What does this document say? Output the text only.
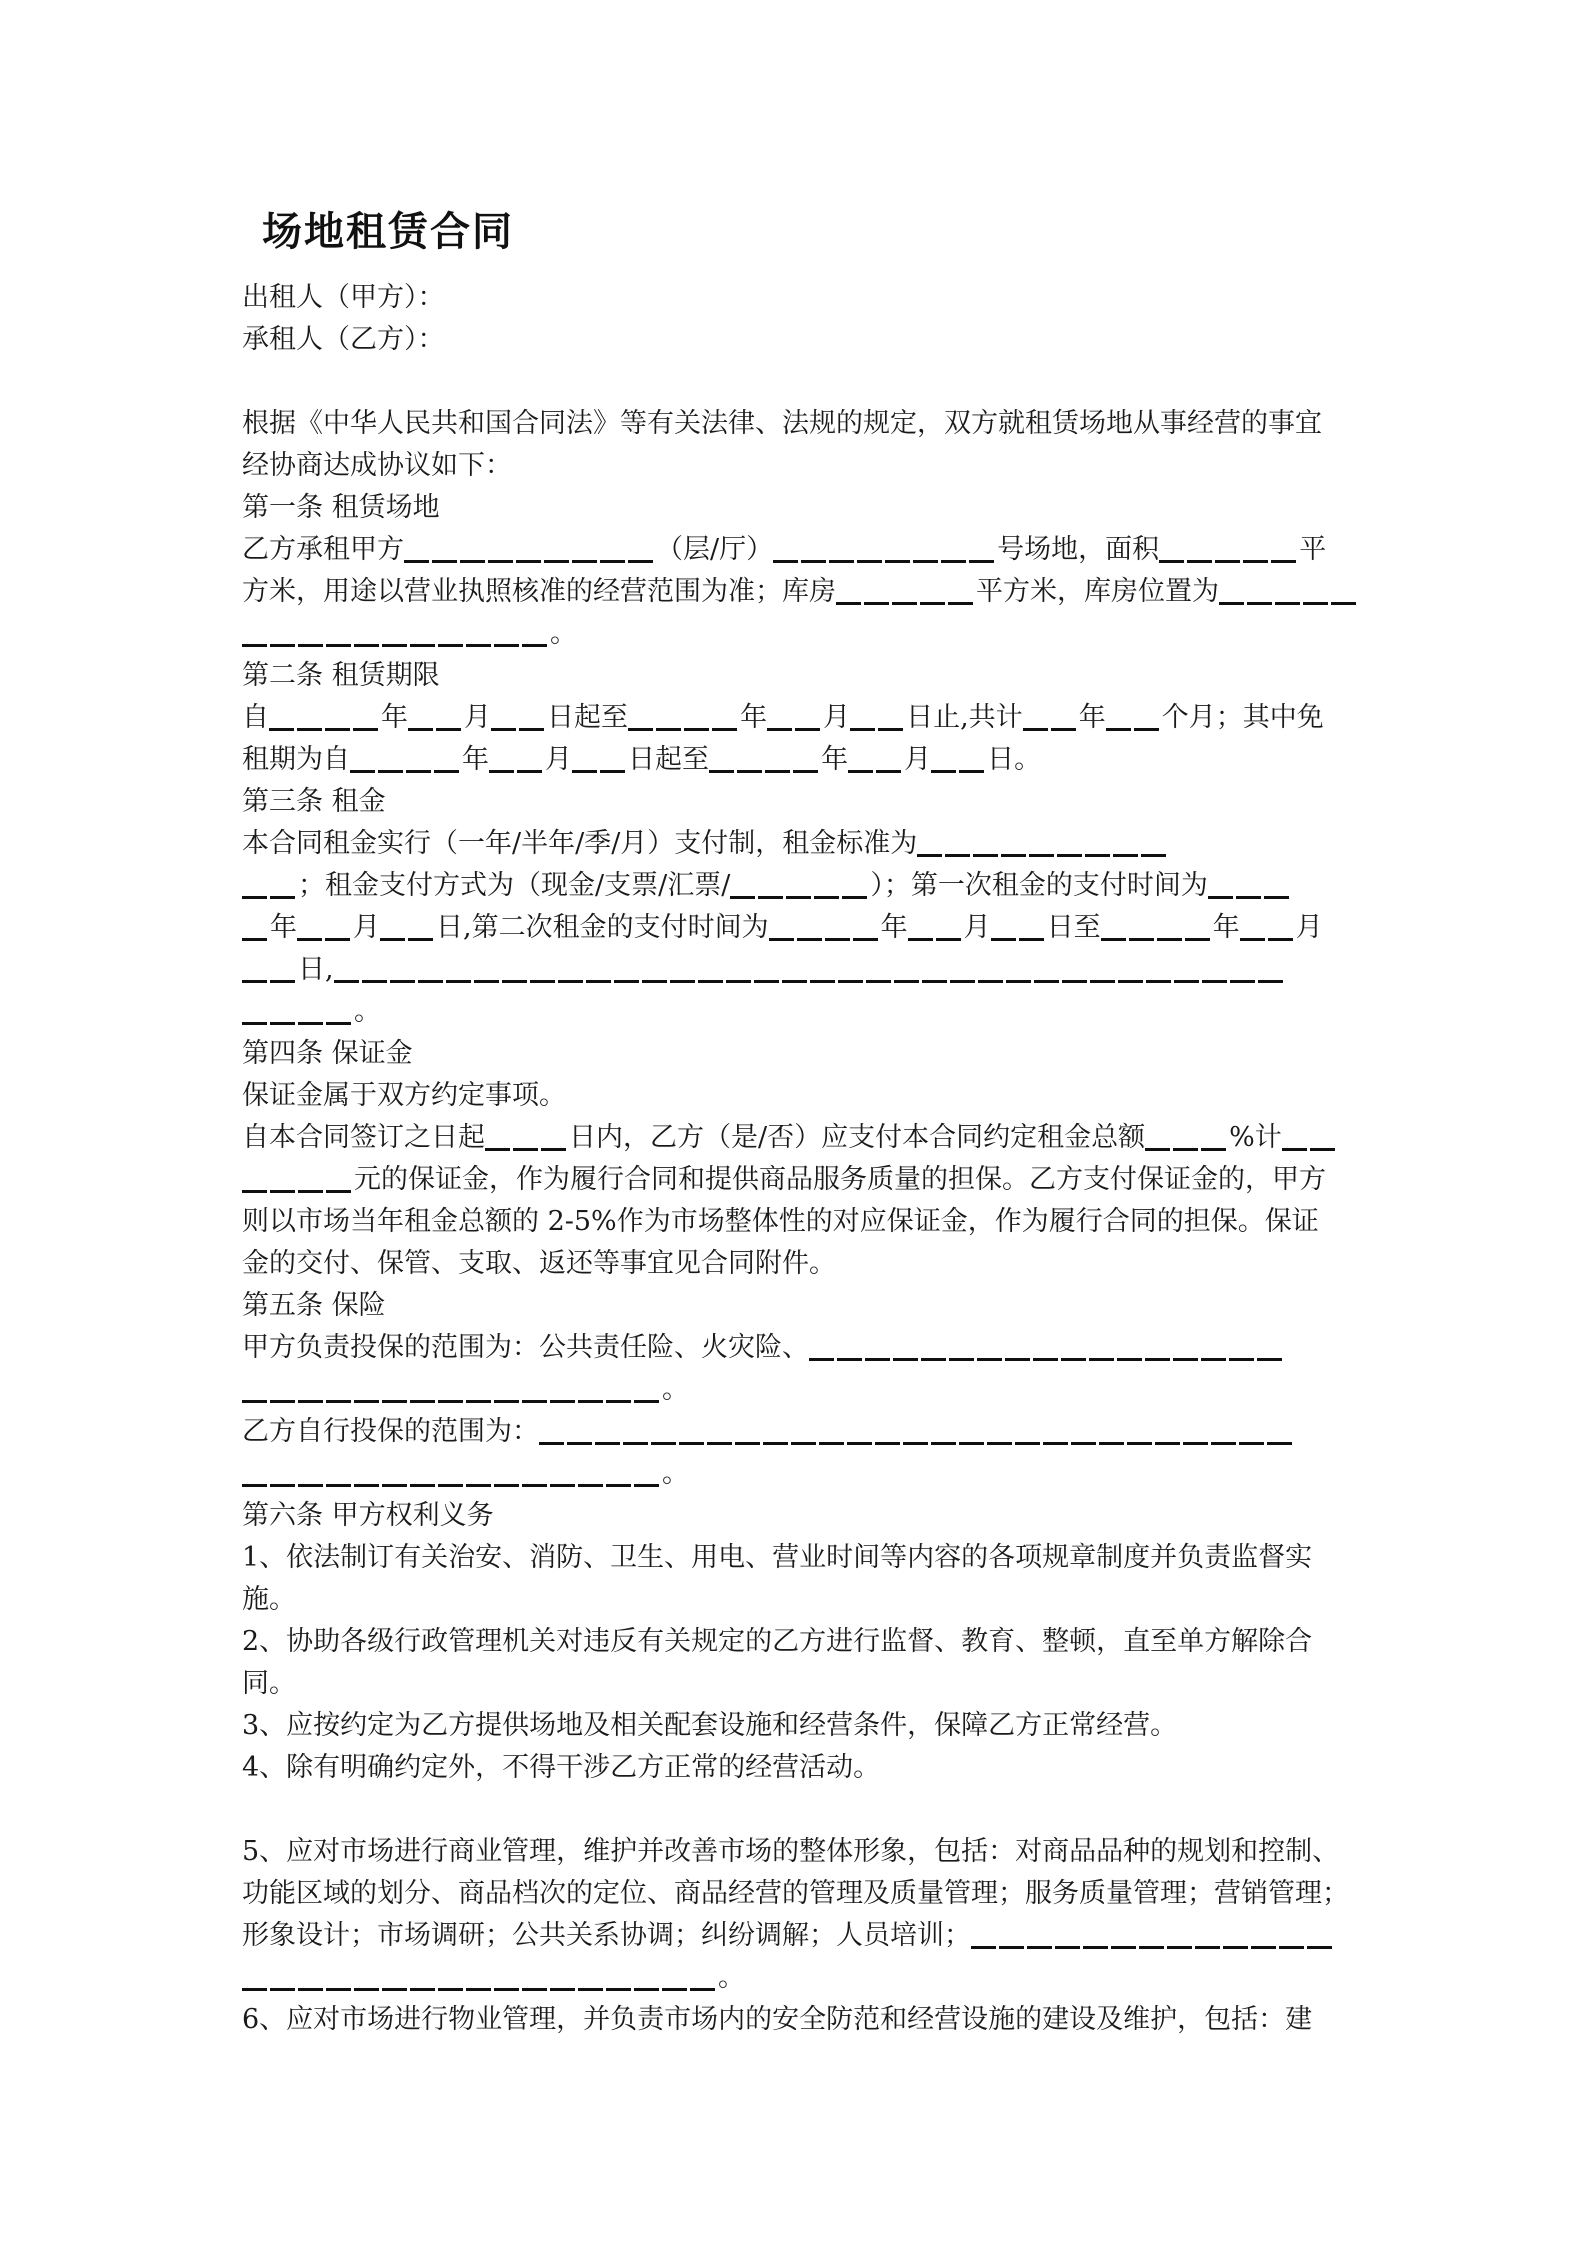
场地租赁合同
出租人（甲方）：
承租人（乙方）：
根据《中华人民共和国合同法》等有关法律、法规的规定，双方就租赁场地从事经营的事宜
经协商达成协议如下：
第一条 租赁场地
乙方承租甲方	（层/厅）	号场地，面积	平
方米，用途以营业执照核准的经营范围为准；库房	平方米，库房位置为
。
第二条 租赁期限
自	年 月 日起至	年 月 日止,共计 年 个月；其中免
租期为自	年 月 日起至	年 月 日。
第三条 租金
本合同租金实行（一年/半年/季/月）支付制，租金标准为
；租金支付方式为（现金/支票/汇票/	）；第一次租金的支付时间为
年 月 日,第二次租金的支付时间为	年 月 日至	年 月
日,
。
第四条 保证金
保证金属于双方约定事项。
自本合同签订之日起	日内，乙方（是/否）应支付本合同约定租金总额	%计
元的保证金，作为履行合同和提供商品服务质量的担保。乙方支付保证金的，甲方
则以市场当年租金总额的 2-5%作为市场整体性的对应保证金，作为履行合同的担保。保证
金的交付、保管、支取、返还等事宜见合同附件。
第五条 保险
甲方负责投保的范围为：公共责任险、火灾险、
。
乙方自行投保的范围为：
。
第六条 甲方权利义务
1、依法制订有关治安、消防、卫生、用电、营业时间等内容的各项规章制度并负责监督实
施。
2、协助各级行政管理机关对违反有关规定的乙方进行监督、教育、整顿，直至单方解除合
同。
3、应按约定为乙方提供场地及相关配套设施和经营条件，保障乙方正常经营。
4、除有明确约定外，不得干涉乙方正常的经营活动。
5、应对市场进行商业管理，维护并改善市场的整体形象，包括：对商品品种的规划和控制、
功能区域的划分、商品档次的定位、商品经营的管理及质量管理；服务质量管理；营销管理；
形象设计；市场调研；公共关系协调；纠纷调解；人员培训；
。
6、应对市场进行物业管理，并负责市场内的安全防范和经营设施的建设及维护，包括：建
